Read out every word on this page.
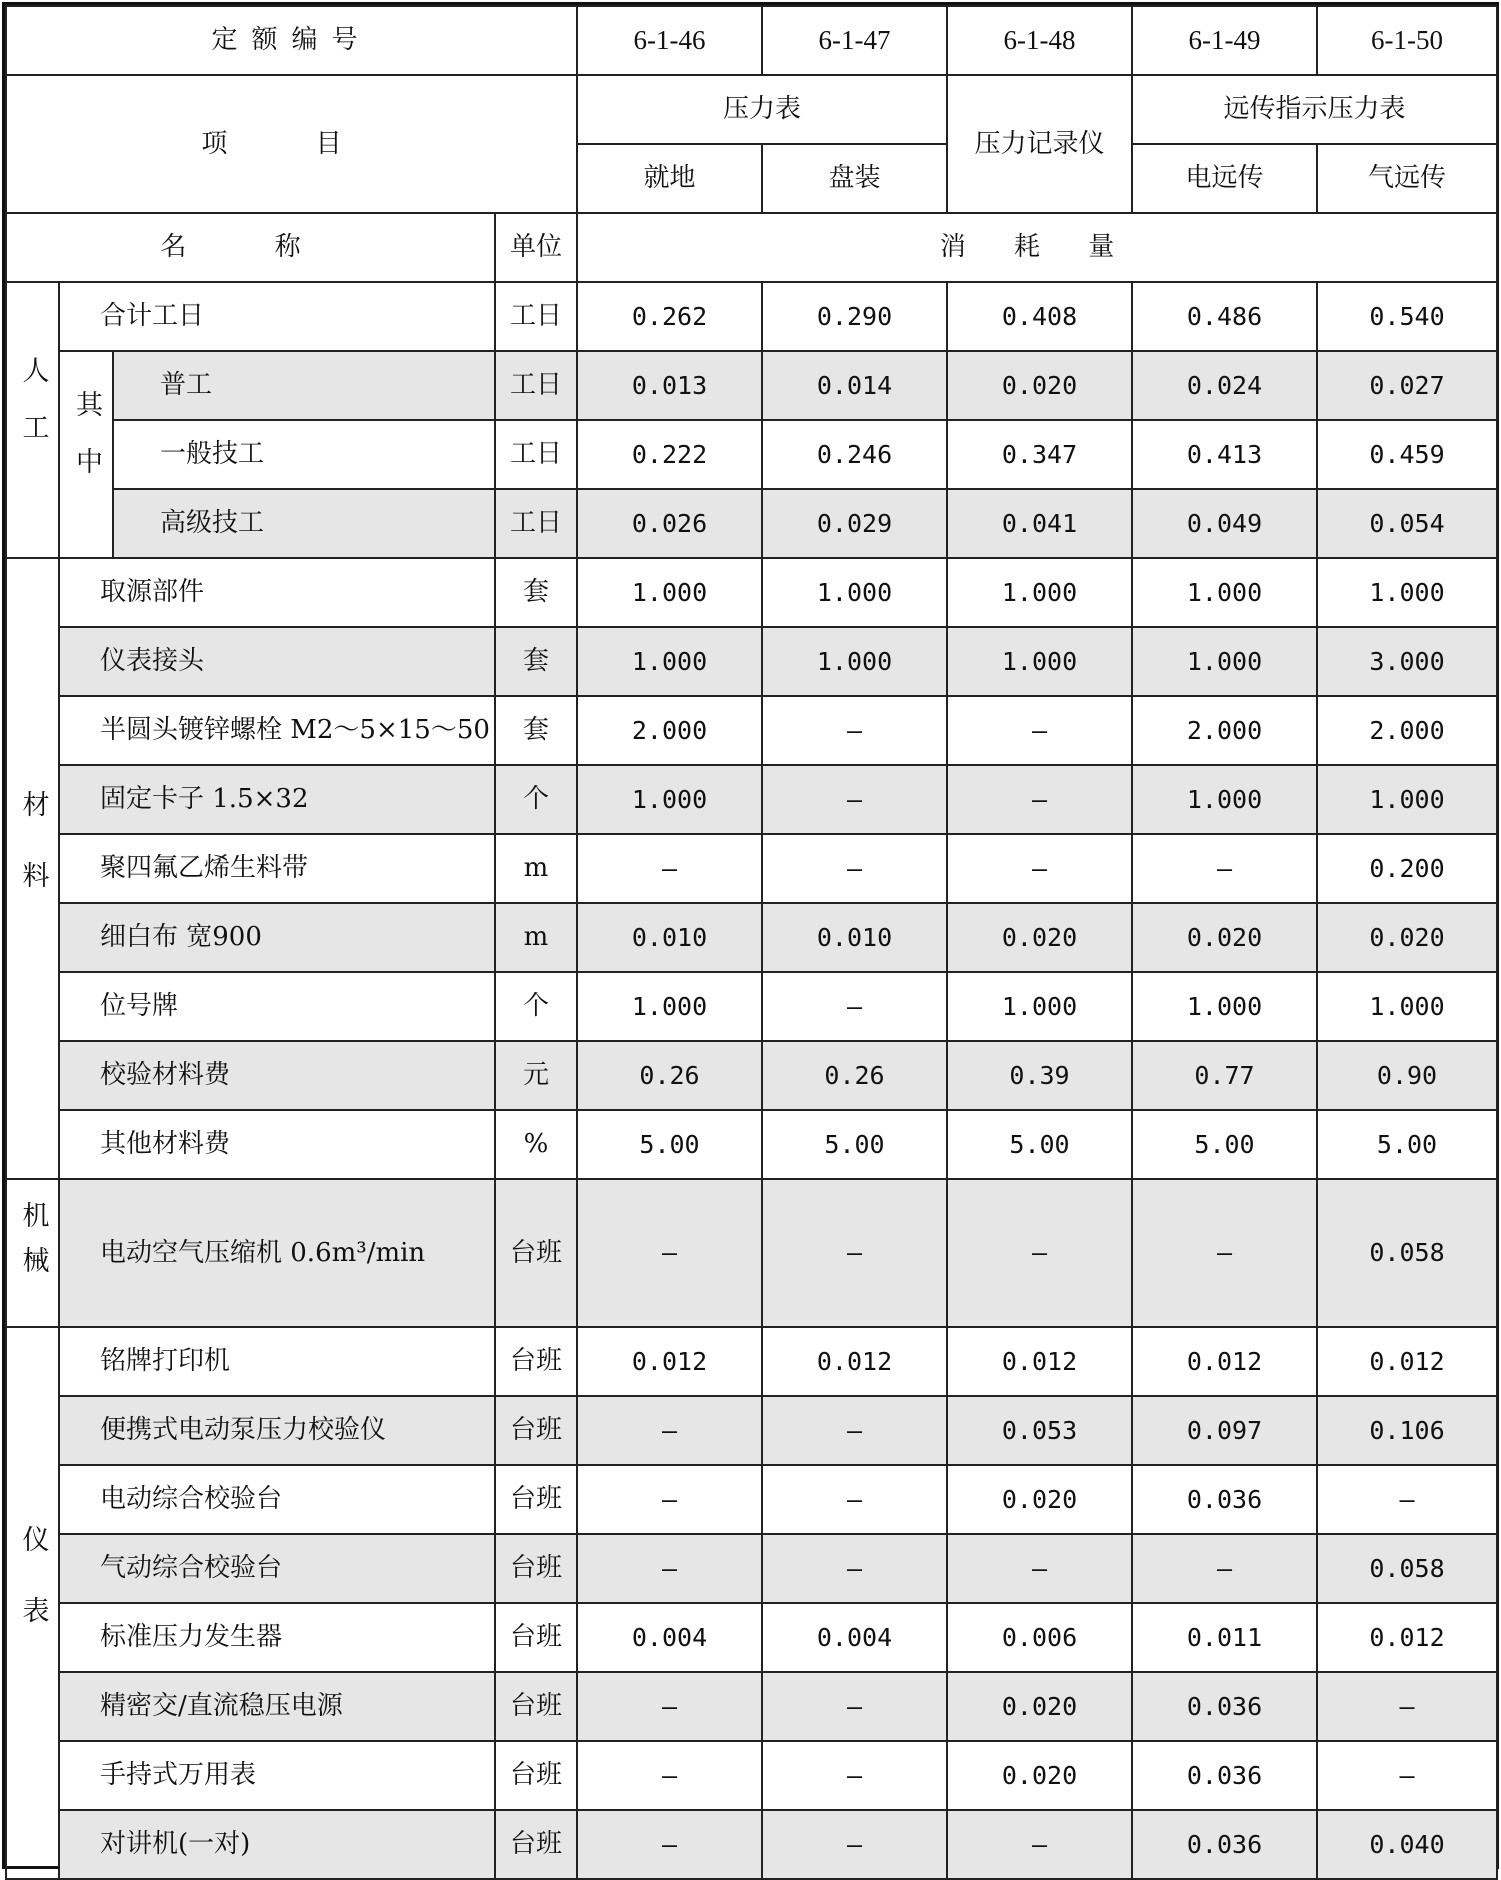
定额编号				6-1-46	6-1-47	6-1-48	6-1-49	6-1-50
项 目				压力表		压力记录仪	远传指示压力表	
				就地	盘装		电远传	气远传
名 称			单位	消 耗 量				
人工	合计工日		工日	0.262	0.290	0.408	0.486	0.540
	其中	普工	工日	0.013	0.014	0.020	0.024	0.027
		一般技工	工日	0.222	0.246	0.347	0.413	0.459
		高级技工	工日	0.026	0.029	0.041	0.049	0.054
材料	取源部件		套	1.000	1.000	1.000	1.000	1.000
	仪表接头		套	1.000	1.000	1.000	1.000	3.000
	半圆头镀锌螺栓 M2～5×15～50		套	2.000	—	—	2.000	2.000
	固定卡子 1.5×32		个	1.000	—	—	1.000	1.000
	聚四氟乙烯生料带		m	—	—	—	—	0.200
	细白布 宽900		m	0.010	0.010	0.020	0.020	0.020
	位号牌		个	1.000	—	1.000	1.000	1.000
	校验材料费		元	0.26	0.26	0.39	0.77	0.90
	其他材料费		%	5.00	5.00	5.00	5.00	5.00
机械	电动空气压缩机 0.6m³/min		台班	—	—	—	—	0.058
仪表	铭牌打印机		台班	0.012	0.012	0.012	0.012	0.012
	便携式电动泵压力校验仪		台班	—	—	0.053	0.097	0.106
	电动综合校验台		台班	—	—	0.020	0.036	—
	气动综合校验台		台班	—	—	—	—	0.058
	标准压力发生器		台班	0.004	0.004	0.006	0.011	0.012
	精密交/直流稳压电源		台班	—	—	0.020	0.036	—
	手持式万用表		台班	—	—	0.020	0.036	—
	对讲机(一对)		台班	—	—	—	0.036	0.040
